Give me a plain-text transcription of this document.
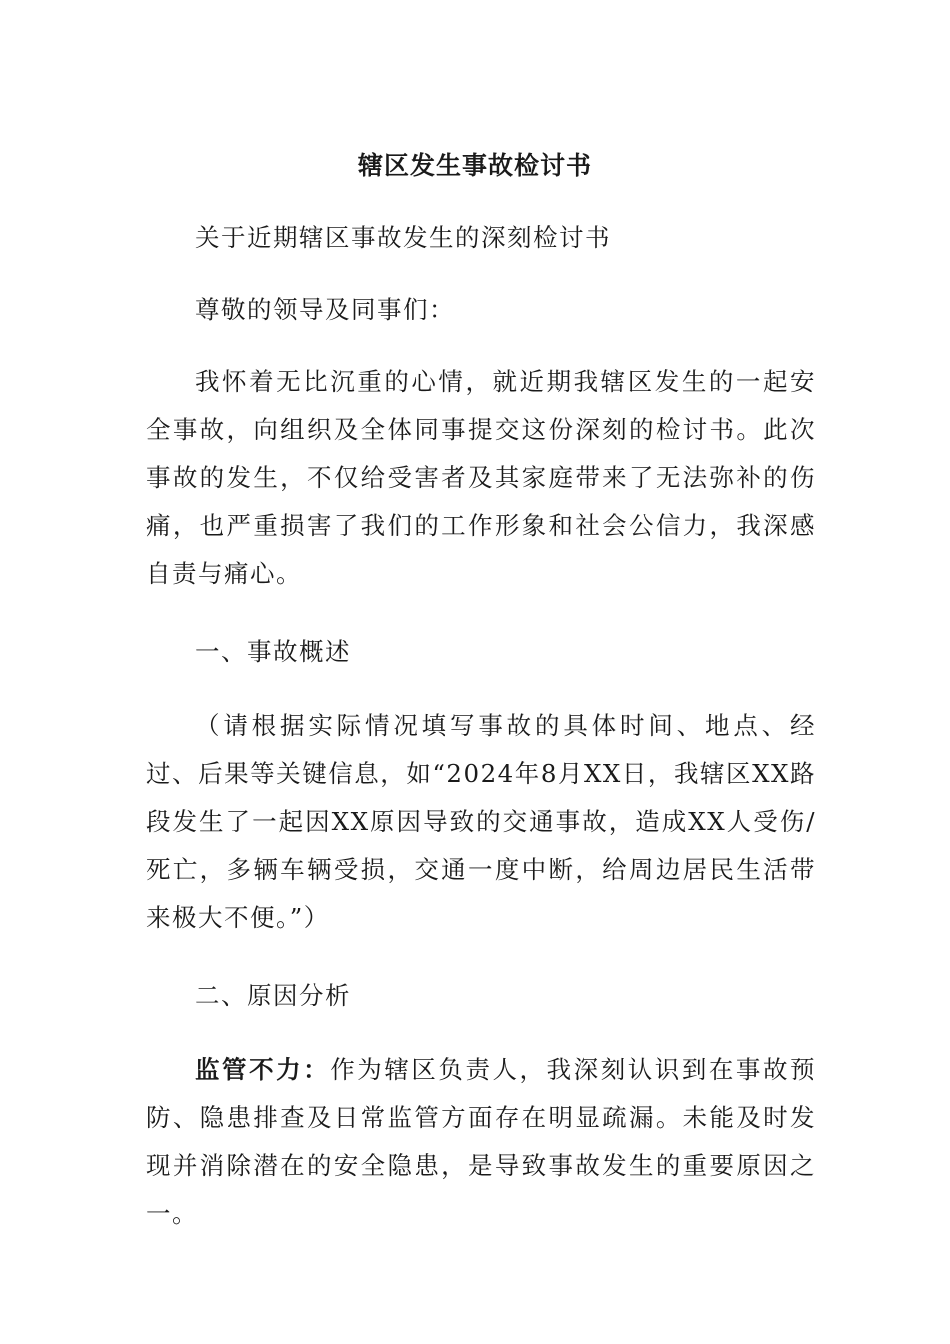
辖区发生事故检讨书
关于近期辖区事故发生的深刻检讨书
尊敬的领导及同事们：
我怀着无比沉重的心情，就近期我辖区发生的一起安全事故，向组织及全体同事提交这份深刻的检讨书。此次事故的发生，不仅给受害者及其家庭带来了无法弥补的伤痛，也严重损害了我们的工作形象和社会公信力，我深感自责与痛心。
一、事故概述
（请根据实际情况填写事故的具体时间、地点、经过、后果等关键信息，如“2024年8月XX日，我辖区XX路段发生了一起因XX原因导致的交通事故，造成XX人受伤/死亡，多辆车辆受损，交通一度中断，给周边居民生活带来极大不便。”）
二、原因分析
监管不力：作为辖区负责人，我深刻认识到在事故预防、隐患排查及日常监管方面存在明显疏漏。未能及时发现并消除潜在的安全隐患，是导致事故发生的重要原因之一。
